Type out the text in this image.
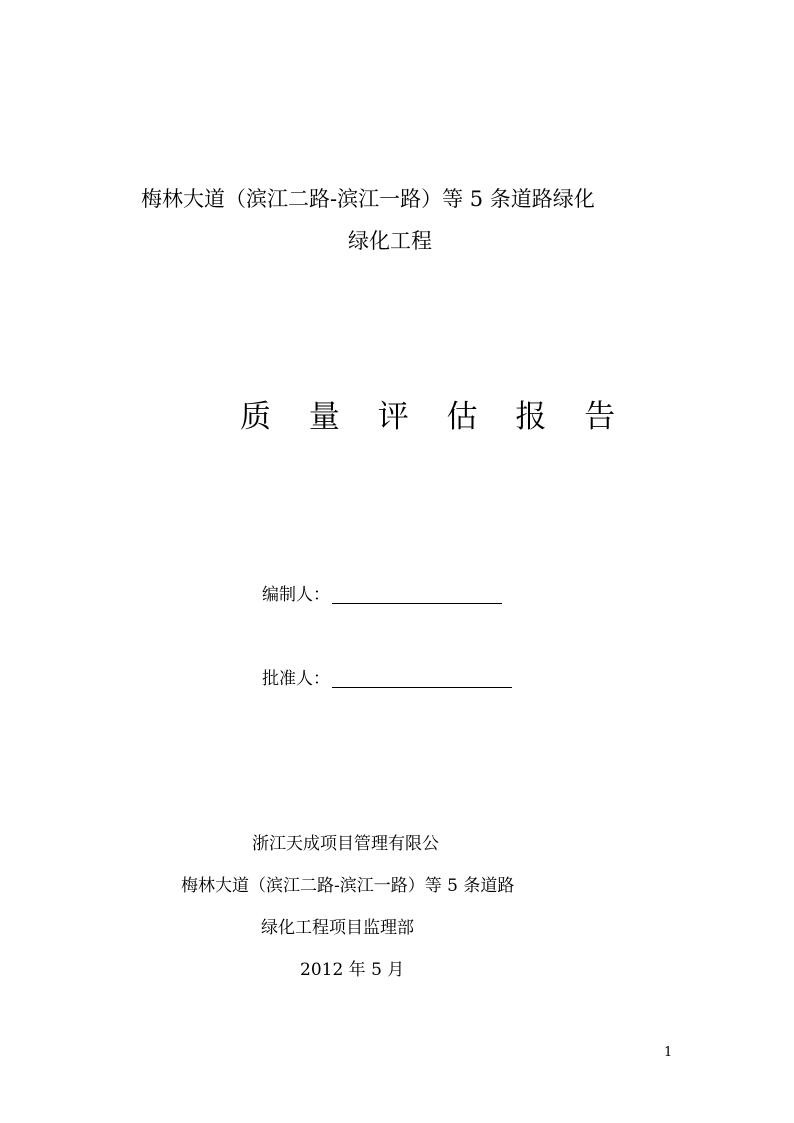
梅林大道（滨江二路-滨江一路）等 5 条道路绿化
绿化工程
质 量 评 估 报 告
编制人：
批准人：
浙江天成项目管理有限公
梅林大道（滨江二路-滨江一路）等 5 条道路
绿化工程项目监理部
2012 年 5 月
1
